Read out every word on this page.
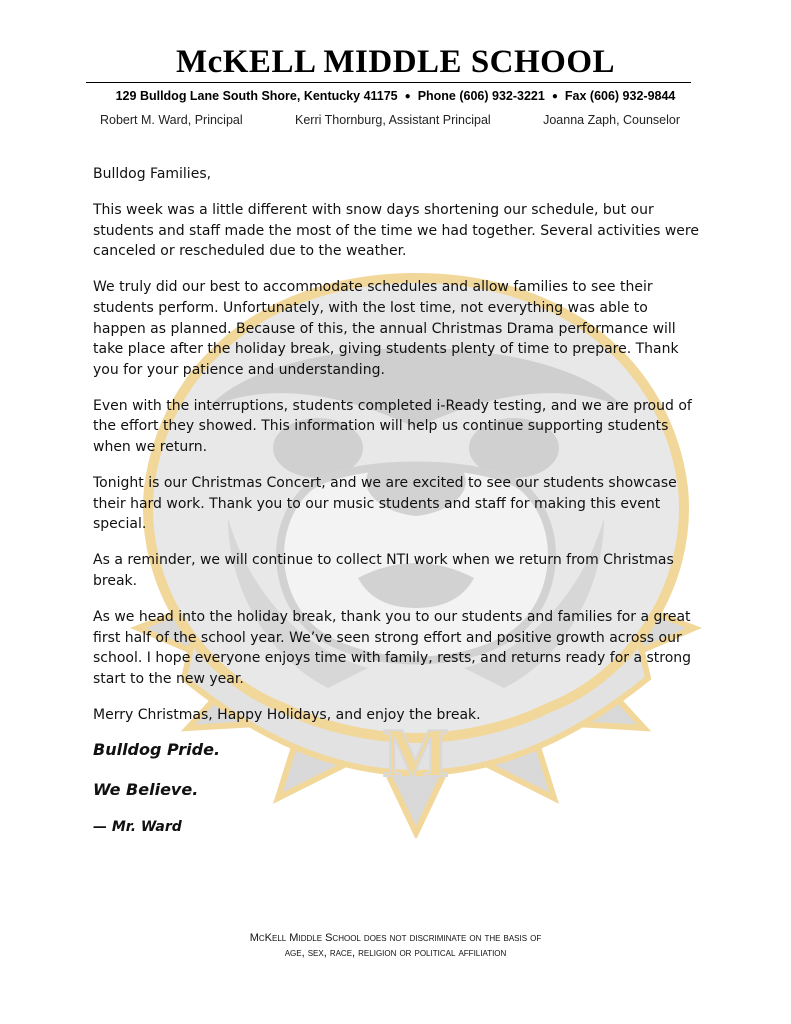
McKELL MIDDLE SCHOOL
129 Bulldog Lane South Shore, Kentucky 41175 ● Phone (606) 932-3221 ● Fax (606) 932-9844
Robert M. Ward, Principal	Kerri Thornburg, Assistant Principal	Joanna Zaph, Counselor
M

Bulldog Families,

This week was a little different with snow days shortening our schedule, but our students and staff made the most of the time we had together. Several activities were canceled or rescheduled due to the weather.

We truly did our best to accommodate schedules and allow families to see their students perform. Unfortunately, with the lost time, not everything was able to happen as planned. Because of this, the annual Christmas Drama performance will take place after the holiday break, giving students plenty of time to prepare. Thank you for your patience and understanding.

Even with the interruptions, students completed i-Ready testing, and we are proud of the effort they showed. This information will help us continue supporting students when we return.

Tonight is our Christmas Concert, and we are excited to see our students showcase their hard work. Thank you to our music students and staff for making this event special.

As a reminder, we will continue to collect NTI work when we return from Christmas break.

As we head into the holiday break, thank you to our students and families for a great first half of the school year. We’ve seen strong effort and positive growth across our school. I hope everyone enjoys time with family, rests, and returns ready for a strong start to the new year.

Merry Christmas, Happy Holidays, and enjoy the break.

Bulldog Pride.
We Believe.
— Mr. Ward
McKell Middle School does not discriminate on the basis of
age, sex, race, religion or political affiliation
